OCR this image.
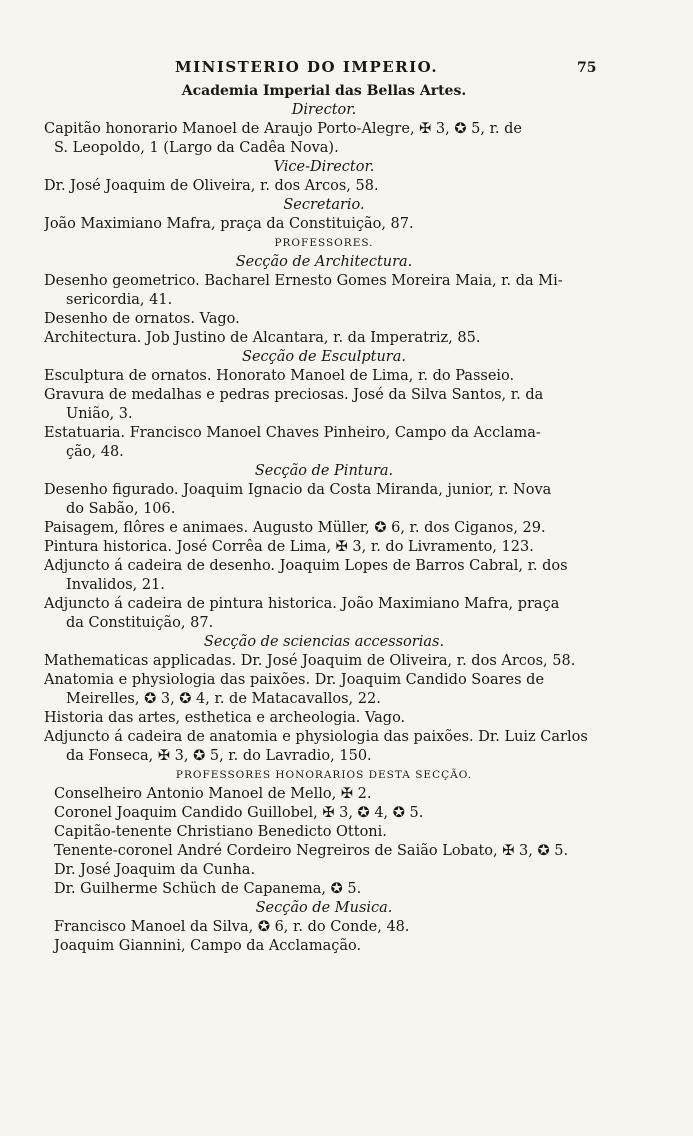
MINISTERIO DO IMPERIO.	75
Academia Imperial das Bellas Artes.
Director.
Capitão honorario Manoel de Araujo Porto-Alegre, ✠ 3, ✪ 5, r. de
S. Leopoldo, 1 (Largo da Cadêa Nova).
Vice-Director.
Dr. José Joaquim de Oliveira, r. dos Arcos, 58.
Secretario.
João Maximiano Mafra, praça da Constituição, 87.
PROFESSORES.
Secção de Architectura.
Desenho geometrico. Bacharel Ernesto Gomes Moreira Maia, r. da Mi-
sericordia, 41.
Desenho de ornatos. Vago.
Architectura. Job Justino de Alcantara, r. da Imperatriz, 85.
Secção de Esculptura.
Esculptura de ornatos. Honorato Manoel de Lima, r. do Passeio.
Gravura de medalhas e pedras preciosas. José da Silva Santos, r. da
União, 3.
Estatuaria. Francisco Manoel Chaves Pinheiro, Campo da Acclama-
ção, 48.
Secção de Pintura.
Desenho figurado. Joaquim Ignacio da Costa Miranda, junior, r. Nova
do Sabão, 106.
Paisagem, flôres e animaes. Augusto Müller, ✪ 6, r. dos Ciganos, 29.
Pintura historica. José Corrêa de Lima, ✠ 3, r. do Livramento, 123.
Adjuncto á cadeira de desenho. Joaquim Lopes de Barros Cabral, r. dos
Invalidos, 21.
Adjuncto á cadeira de pintura historica. João Maximiano Mafra, praça
da Constituição, 87.
Secção de sciencias accessorias.
Mathematicas applicadas. Dr. José Joaquim de Oliveira, r. dos Arcos, 58.
Anatomia e physiologia das paixões. Dr. Joaquim Candido Soares de
Meirelles, ✪ 3, ✪ 4, r. de Matacavallos, 22.
Historia das artes, esthetica e archeologia. Vago.
Adjuncto á cadeira de anatomia e physiologia das paixões. Dr. Luiz Carlos
da Fonseca, ✠ 3, ✪ 5, r. do Lavradio, 150.
PROFESSORES HONORARIOS DESTA SECÇÃO.
Conselheiro Antonio Manoel de Mello, ✠ 2.
Coronel Joaquim Candido Guillobel, ✠ 3, ✪ 4, ✪ 5.
Capitão-tenente Christiano Benedicto Ottoni.
Tenente-coronel André Cordeiro Negreiros de Saião Lobato, ✠ 3, ✪ 5.
Dr. José Joaquim da Cunha.
Dr. Guilherme Schüch de Capanema, ✪ 5.
Secção de Musica.
Francisco Manoel da Silva, ✪ 6, r. do Conde, 48.
Joaquim Giannini, Campo da Acclamação.
